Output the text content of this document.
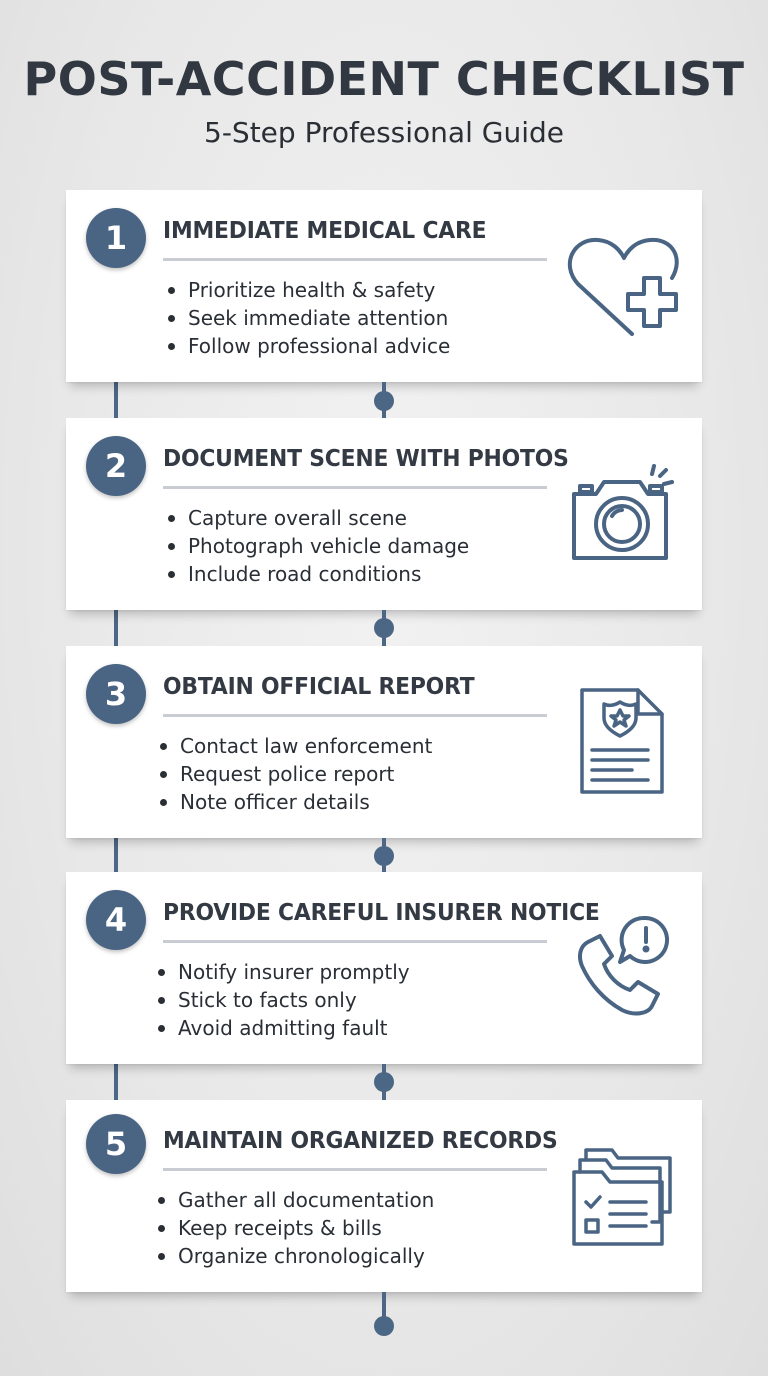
POST-ACCIDENT CHECKLIST
5-Step Professional Guide
IMMEDIATE MEDICAL CARE
Prioritize health & safety
Seek immediate attention
Follow professional advice
1
DOCUMENT SCENE WITH PHOTOS
Capture overall scene
Photograph vehicle damage
Include road conditions
2
OBTAIN OFFICIAL REPORT
Contact law enforcement
Request police report
Note officer details
3
PROVIDE CAREFUL INSURER NOTICE
Notify insurer promptly
Stick to facts only
Avoid admitting fault
4
MAINTAIN ORGANIZED RECORDS
Gather all documentation
Keep receipts & bills
Organize chronologically
5
